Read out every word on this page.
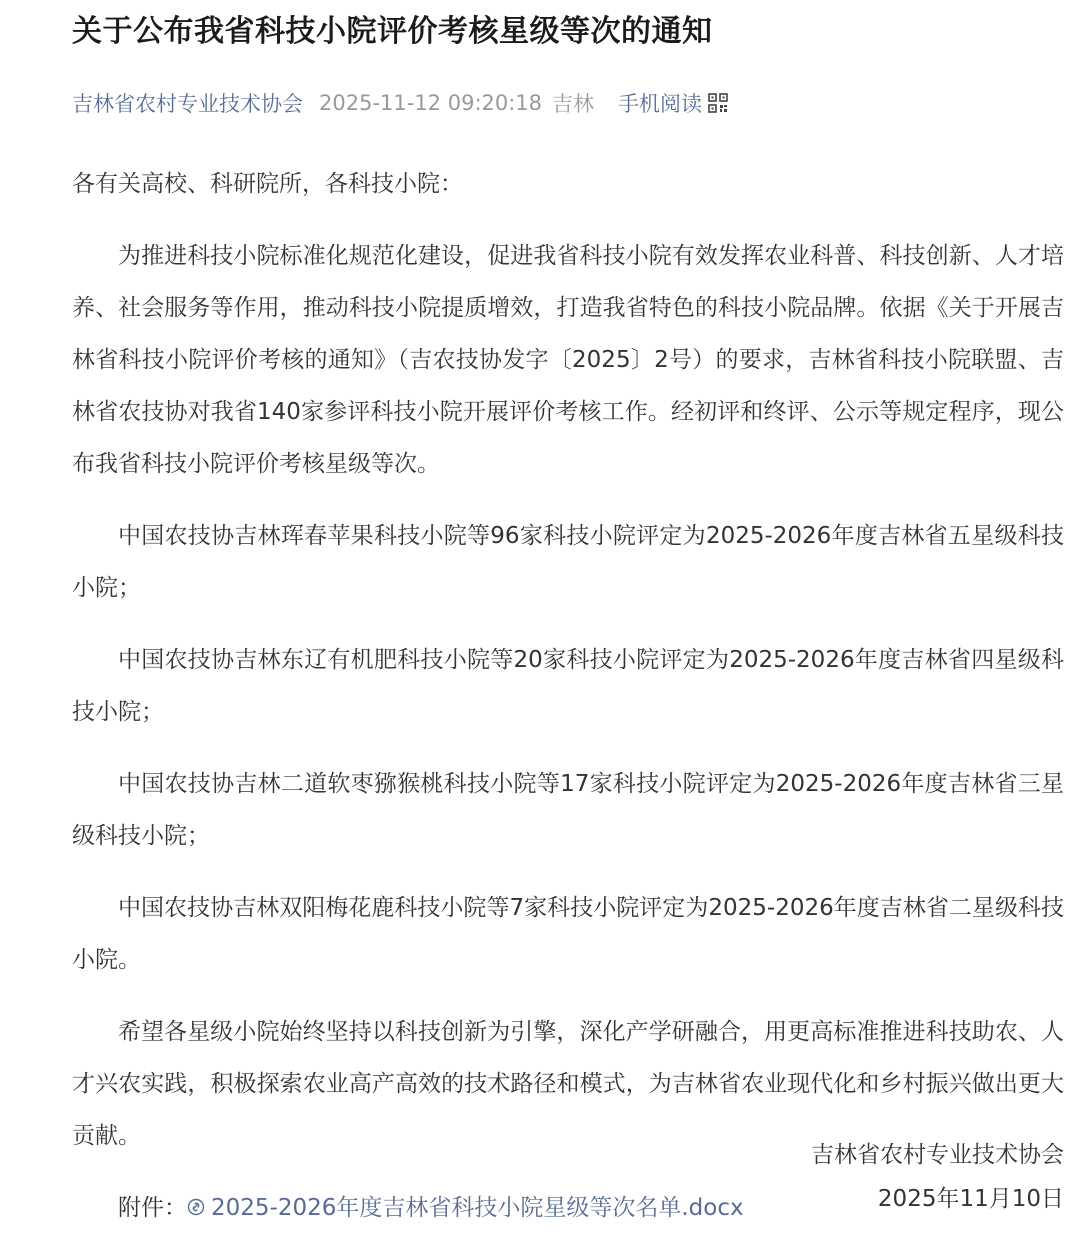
关于公布我省科技小院评价考核星级等次的通知
吉林省农村专业技术协会 2025-11-12 09:20:18 吉林 手机阅读

各有关高校、科研院所，各科技小院：

为推进科技小院标准化规范化建设，促进我省科技小院有效发挥农业科普、科技创新、人才培养、社会服务等作用，推动科技小院提质增效，打造我省特色的科技小院品牌。依据《关于开展吉林省科技小院评价考核的通知》（吉农技协发字〔2025〕2号）的要求，吉林省科技小院联盟、吉林省农技协对我省140家参评科技小院开展评价考核工作。经初评和终评、公示等规定程序，现公布我省科技小院评价考核星级等次。

中国农技协吉林珲春苹果科技小院等96家科技小院评定为2025-2026年度吉林省五星级科技小院；

中国农技协吉林东辽有机肥科技小院等20家科技小院评定为2025-2026年度吉林省四星级科技小院；

中国农技协吉林二道软枣猕猴桃科技小院等17家科技小院评定为2025-2026年度吉林省三星级科技小院；

中国农技协吉林双阳梅花鹿科技小院等7家科技小院评定为2025-2026年度吉林省二星级科技小院。

希望各星级小院始终坚持以科技创新为引擎，深化产学研融合，用更高标准推进科技助农、人才兴农实践，积极探索农业高产高效的技术路径和模式，为吉林省农业现代化和乡村振兴做出更大贡献。

附件： 2025-2026年度吉林省科技小院星级等次名单.docx

吉林省农村专业技术协会
2025年11月10日
